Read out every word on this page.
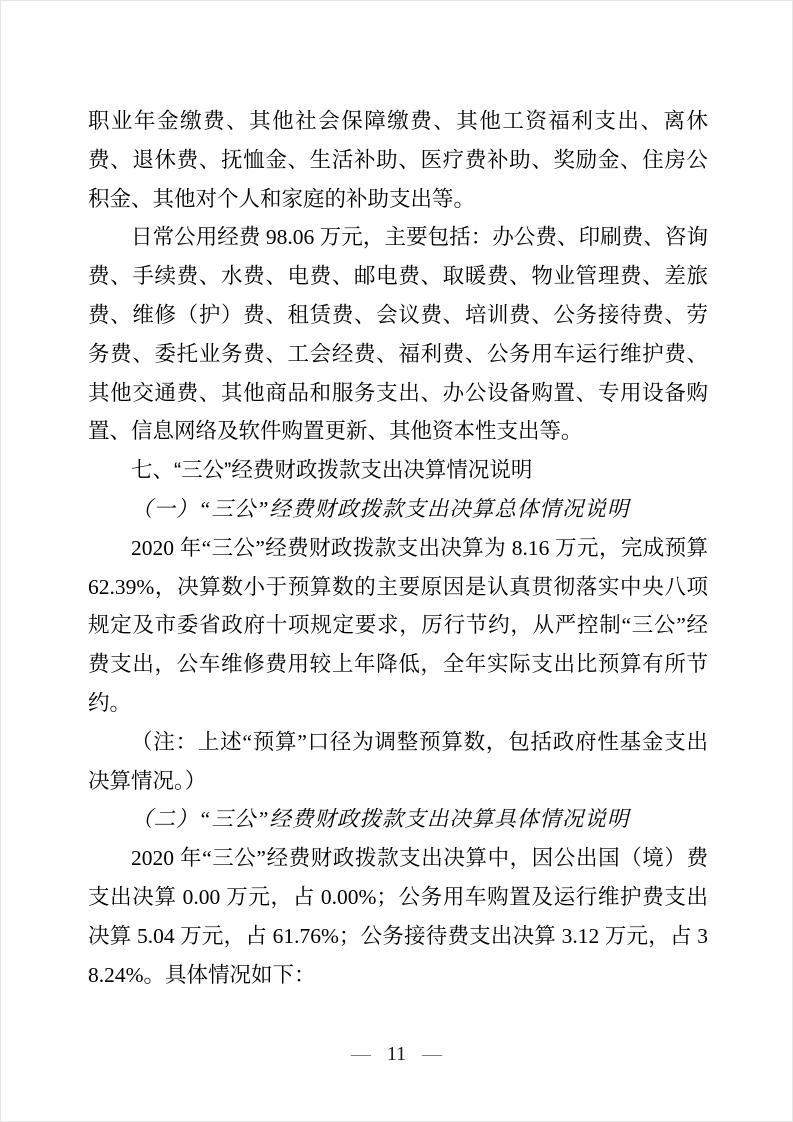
职业年金缴费、其他社会保障缴费、其他工资福利支出、离休费、退休费、抚恤金、生活补助、医疗费补助、奖励金、住房公积金、其他对个人和家庭的补助支出等。

日常公用经费 98.06 万元，主要包括：办公费、印刷费、咨询费、手续费、水费、电费、邮电费、取暖费、物业管理费、差旅费、维修（护）费、租赁费、会议费、培训费、公务接待费、劳务费、委托业务费、工会经费、福利费、公务用车运行维护费、其他交通费、其他商品和服务支出、办公设备购置、专用设备购置、信息网络及软件购置更新、其他资本性支出等。

七、“三公”经费财政拨款支出决算情况说明

（一）“三公”经费财政拨款支出决算总体情况说明

2020 年“三公”经费财政拨款支出决算为 8.16 万元，完成预算 62.39%，决算数小于预算数的主要原因是认真贯彻落实中央八项规定及市委省政府十项规定要求，厉行节约，从严控制“三公”经费支出，公车维修费用较上年降低，全年实际支出比预算有所节约。

（注：上述“预算”口径为调整预算数，包括政府性基金支出决算情况。）

（二）“三公”经费财政拨款支出决算具体情况说明

2020 年“三公”经费财政拨款支出决算中，因公出国（境）费支出决算 0.00 万元，占 0.00%；公务用车购置及运行维护费支出决算 5.04 万元，占 61.76%；公务接待费支出决算 3.12 万元，占 38.24%。具体情况如下：

— 11 —
